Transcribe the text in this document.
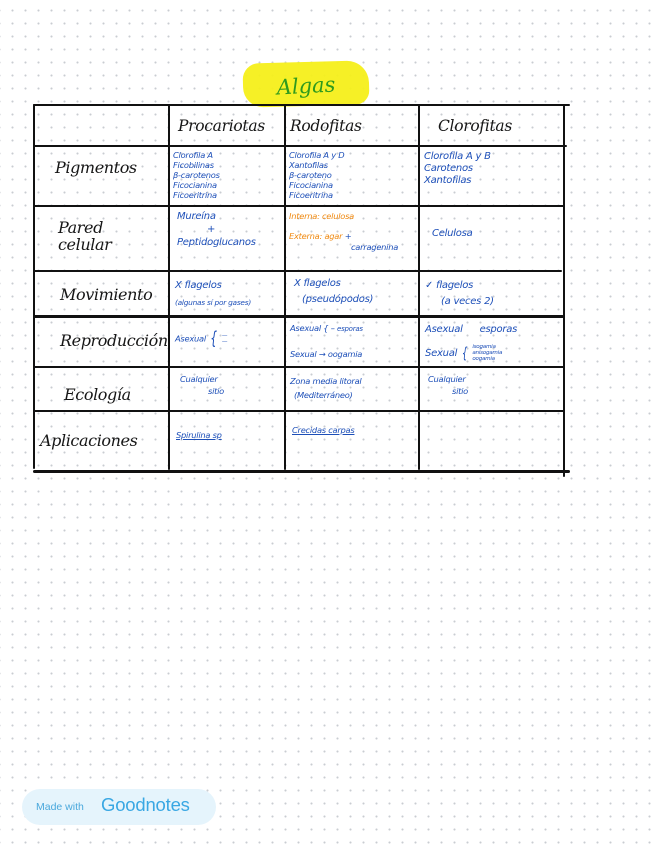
Algas
Procariotas Rodofitas	Clorofitas
Pigmentos
Pared celular
Movimiento
Reproducción
Ecología
Aplicaciones
Clorofila A
Ficobilinas
β-carotenos
Ficocianina
Ficoeritrina
Clorofila A y D
Xantofilas
β-caroteno
Ficocianina
Ficoeritrina
Clorofila A y B
Carotenos
Xantofilas
Mureína
+
Peptidoglucanos
Interna: celulosa
Externa: agar +
carragenina
Celulosa
X flagelos
(algunas sí por gases)
X flagelos
(pseudópodos)
✓ flagelos
(a veces 2)
Asexual { —
—
Asexual { – esporas
Sexual → oogamia
Asexual esporas
Sexual { isogamia
anisogamia
oogamia
Cualquier
sitio
Zona media litoral
(Mediterráneo)
Cualquier
sitio
Spirulina sp	Crecidas carpas
Made with Goodnotes
